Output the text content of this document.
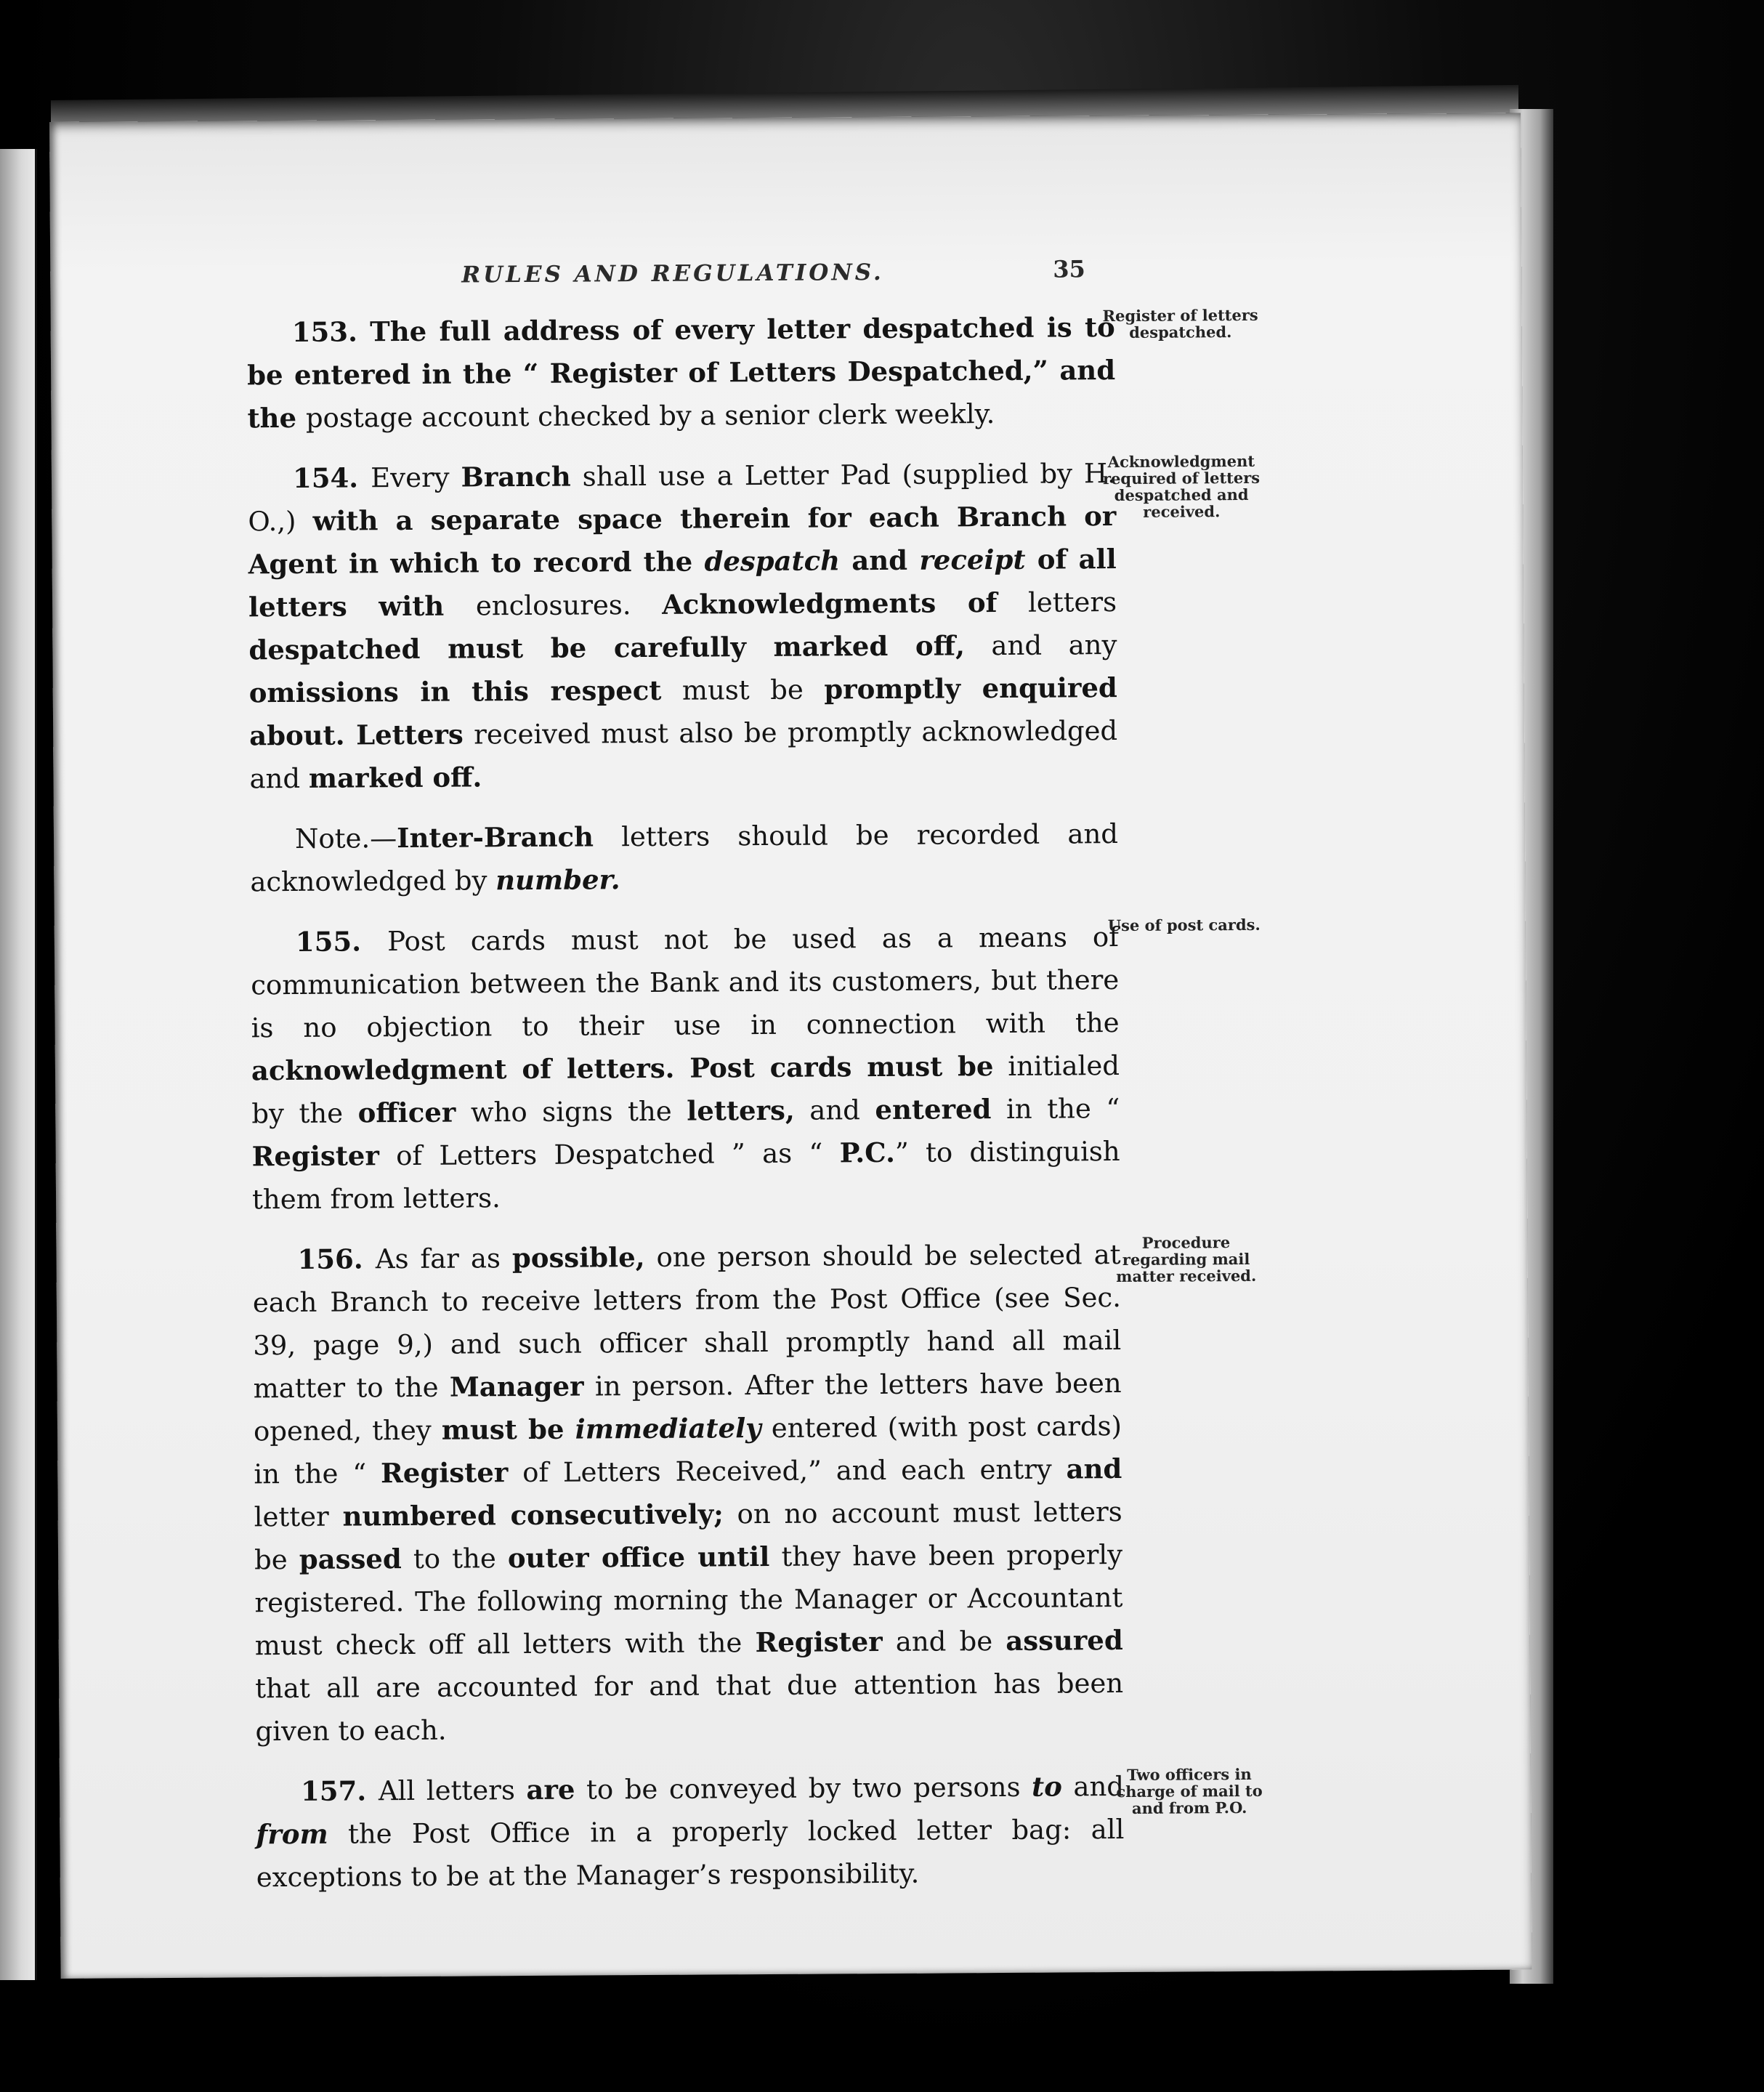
RULES AND REGULATIONS.	35

153. The full address of every letter despatched is to be entered in the “ Register of Letters Despatched,” and the postage account checked by a senior clerk weekly.

154. Every Branch shall use a Letter Pad (supplied by H. O.,) with a separate space therein for each Branch or Agent in which to record the despatch and receipt of all letters with enclosures. Acknowledgments of letters despatched must be carefully marked off, and any omissions in this respect must be promptly enquired about. Letters received must also be promptly acknowledged and marked off.

Note.—Inter-Branch letters should be recorded and acknowledged by number.

155. Post cards must not be used as a means of communication between the Bank and its customers, but there is no objection to their use in connection with the acknowledgment of letters. Post cards must be initialed by the officer who signs the letters, and entered in the “ Register of Letters Despatched ” as “ P.C.” to distinguish them from letters.

156. As far as possible, one person should be selected at each Branch to receive letters from the Post Office (see Sec. 39, page 9,) and such officer shall promptly hand all mail matter to the Manager in person. After the letters have been opened, they must be immediately entered (with post cards) in the “ Register of Letters Received,” and each entry and letter numbered consecutively; on no account must letters be passed to the outer office until they have been properly registered. The following morning the Manager or Accountant must check off all letters with the Register and be assured that all are accounted for and that due attention has been given to each.

157. All letters are to be conveyed by two persons to and from the Post Office in a properly locked letter bag: all exceptions to be at the Manager’s responsibility.

Register of letters despatched.
Acknowledgment required of letters despatched and received.
Use of post cards.
Procedure regarding mail matter received.
Two officers in charge of mail to and from P.O.
